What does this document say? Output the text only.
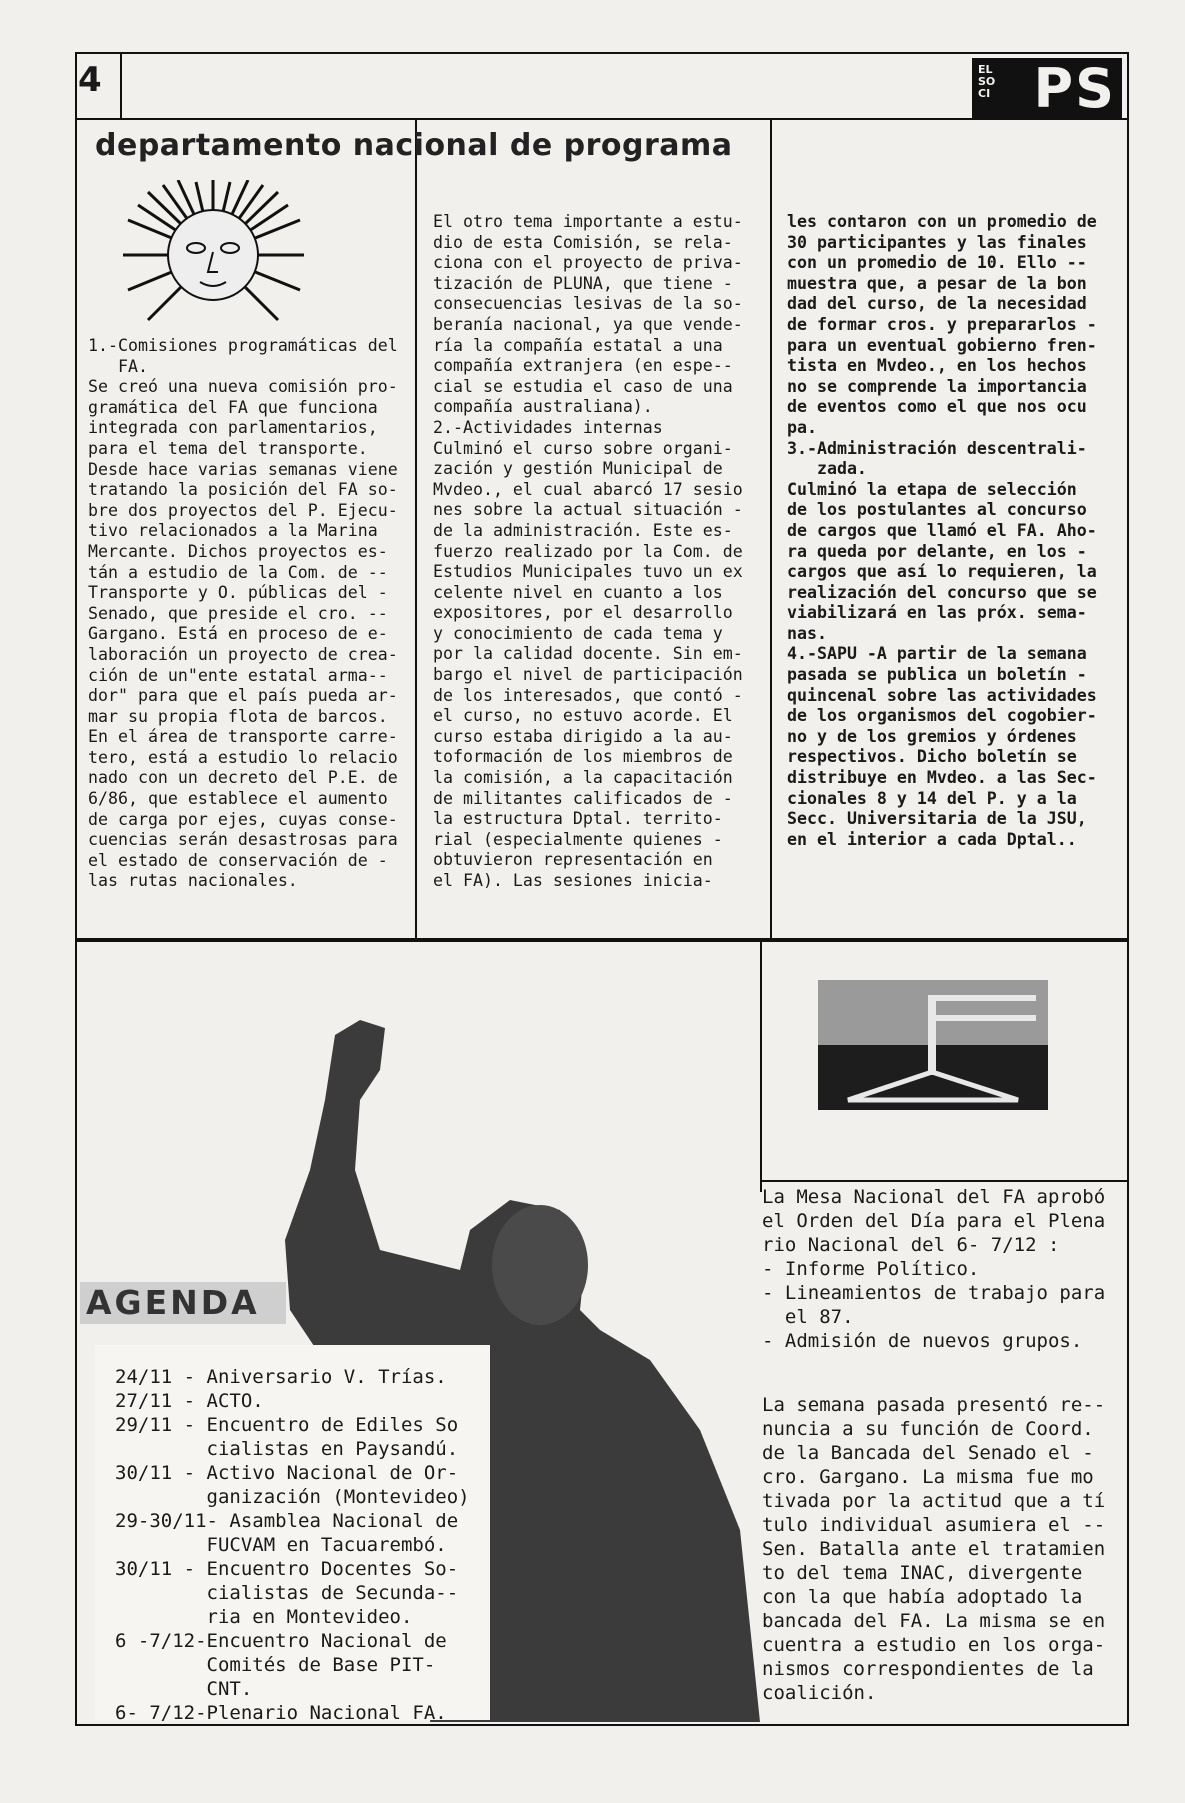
4	EL
SO
CI PS
departamento nacional de programa
1.-Comisiones programáticas del
FA.
Se creó una nueva comisión pro-
gramática del FA que funciona
integrada con parlamentarios,
para el tema del transporte.
Desde hace varias semanas viene
tratando la posición del FA so-
bre dos proyectos del P. Ejecu-
tivo relacionados a la Marina
Mercante. Dichos proyectos es-
tán a estudio de la Com. de --
Transporte y O. públicas del -
Senado, que preside el cro. --
Gargano. Está en proceso de e-
laboración un proyecto de crea-
ción de un"ente estatal arma--
dor" para que el país pueda ar-
mar su propia flota de barcos.
En el área de transporte carre-
tero, está a estudio lo relacio
nado con un decreto del P.E. de
6/86, que establece el aumento
de carga por ejes, cuyas conse-
cuencias serán desastrosas para
el estado de conservación de -
las rutas nacionales.
El otro tema importante a estu-
dio de esta Comisión, se rela-
ciona con el proyecto de priva-
tización de PLUNA, que tiene -
consecuencias lesivas de la so-
beranía nacional, ya que vende-
ría la compañía estatal a una
compañía extranjera (en espe--
cial se estudia el caso de una
compañía australiana).
2.-Actividades internas
Culminó el curso sobre organi-
zación y gestión Municipal de
Mvdeo., el cual abarcó 17 sesio
nes sobre la actual situación -
de la administración. Este es-
fuerzo realizado por la Com. de
Estudios Municipales tuvo un ex
celente nivel en cuanto a los
expositores, por el desarrollo
y conocimiento de cada tema y
por la calidad docente. Sin em-
bargo el nivel de participación
de los interesados, que contó -
el curso, no estuvo acorde. El
curso estaba dirigido a la au-
toformación de los miembros de
la comisión, a la capacitación
de militantes calificados de -
la estructura Dptal. territo-
rial (especialmente quienes -
obtuvieron representación en
el FA). Las sesiones inicia-
les contaron con un promedio de
30 participantes y las finales
con un promedio de 10. Ello --
muestra que, a pesar de la bon
dad del curso, de la necesidad
de formar cros. y prepararlos -
para un eventual gobierno fren-
tista en Mvdeo., en los hechos
no se comprende la importancia
de eventos como el que nos ocu
pa.
3.-Administración descentrali-
zada.
Culminó la etapa de selección
de los postulantes al concurso
de cargos que llamó el FA. Aho-
ra queda por delante, en los -
cargos que así lo requieren, la
realización del concurso que se
viabilizará en las próx. sema-
nas.
4.-SAPU -A partir de la semana
pasada se publica un boletín -
quincenal sobre las actividades
de los organismos del cogobier-
no y de los gremios y órdenes
respectivos. Dicho boletín se
distribuye en Mvdeo. a las Sec-
cionales 8 y 14 del P. y a la
Secc. Universitaria de la JSU,
en el interior a cada Dptal..
AGENDA
24/11 - Aniversario V. Trías.
27/11 - ACTO.
29/11 - Encuentro de Ediles So
cialistas en Paysandú.
30/11 - Activo Nacional de Or-
ganización (Montevideo)
29-30/11- Asamblea Nacional de
FUCVAM en Tacuarembó.
30/11 - Encuentro Docentes So-
cialistas de Secunda--
ria en Montevideo.
6 -7/12-Encuentro Nacional de
Comités de Base PIT-
CNT.
6- 7/12-Plenario Nacional FA.
La Mesa Nacional del FA aprobó
el Orden del Día para el Plena
rio Nacional del 6- 7/12 :
- Informe Político.
- Lineamientos de trabajo para
el 87.
- Admisión de nuevos grupos.
La semana pasada presentó re--
nuncia a su función de Coord.
de la Bancada del Senado el -
cro. Gargano. La misma fue mo
tivada por la actitud que a tí
tulo individual asumiera el --
Sen. Batalla ante el tratamien
to del tema INAC, divergente
con la que había adoptado la
bancada del FA. La misma se en
cuentra a estudio en los orga-
nismos correspondientes de la
coalición.
